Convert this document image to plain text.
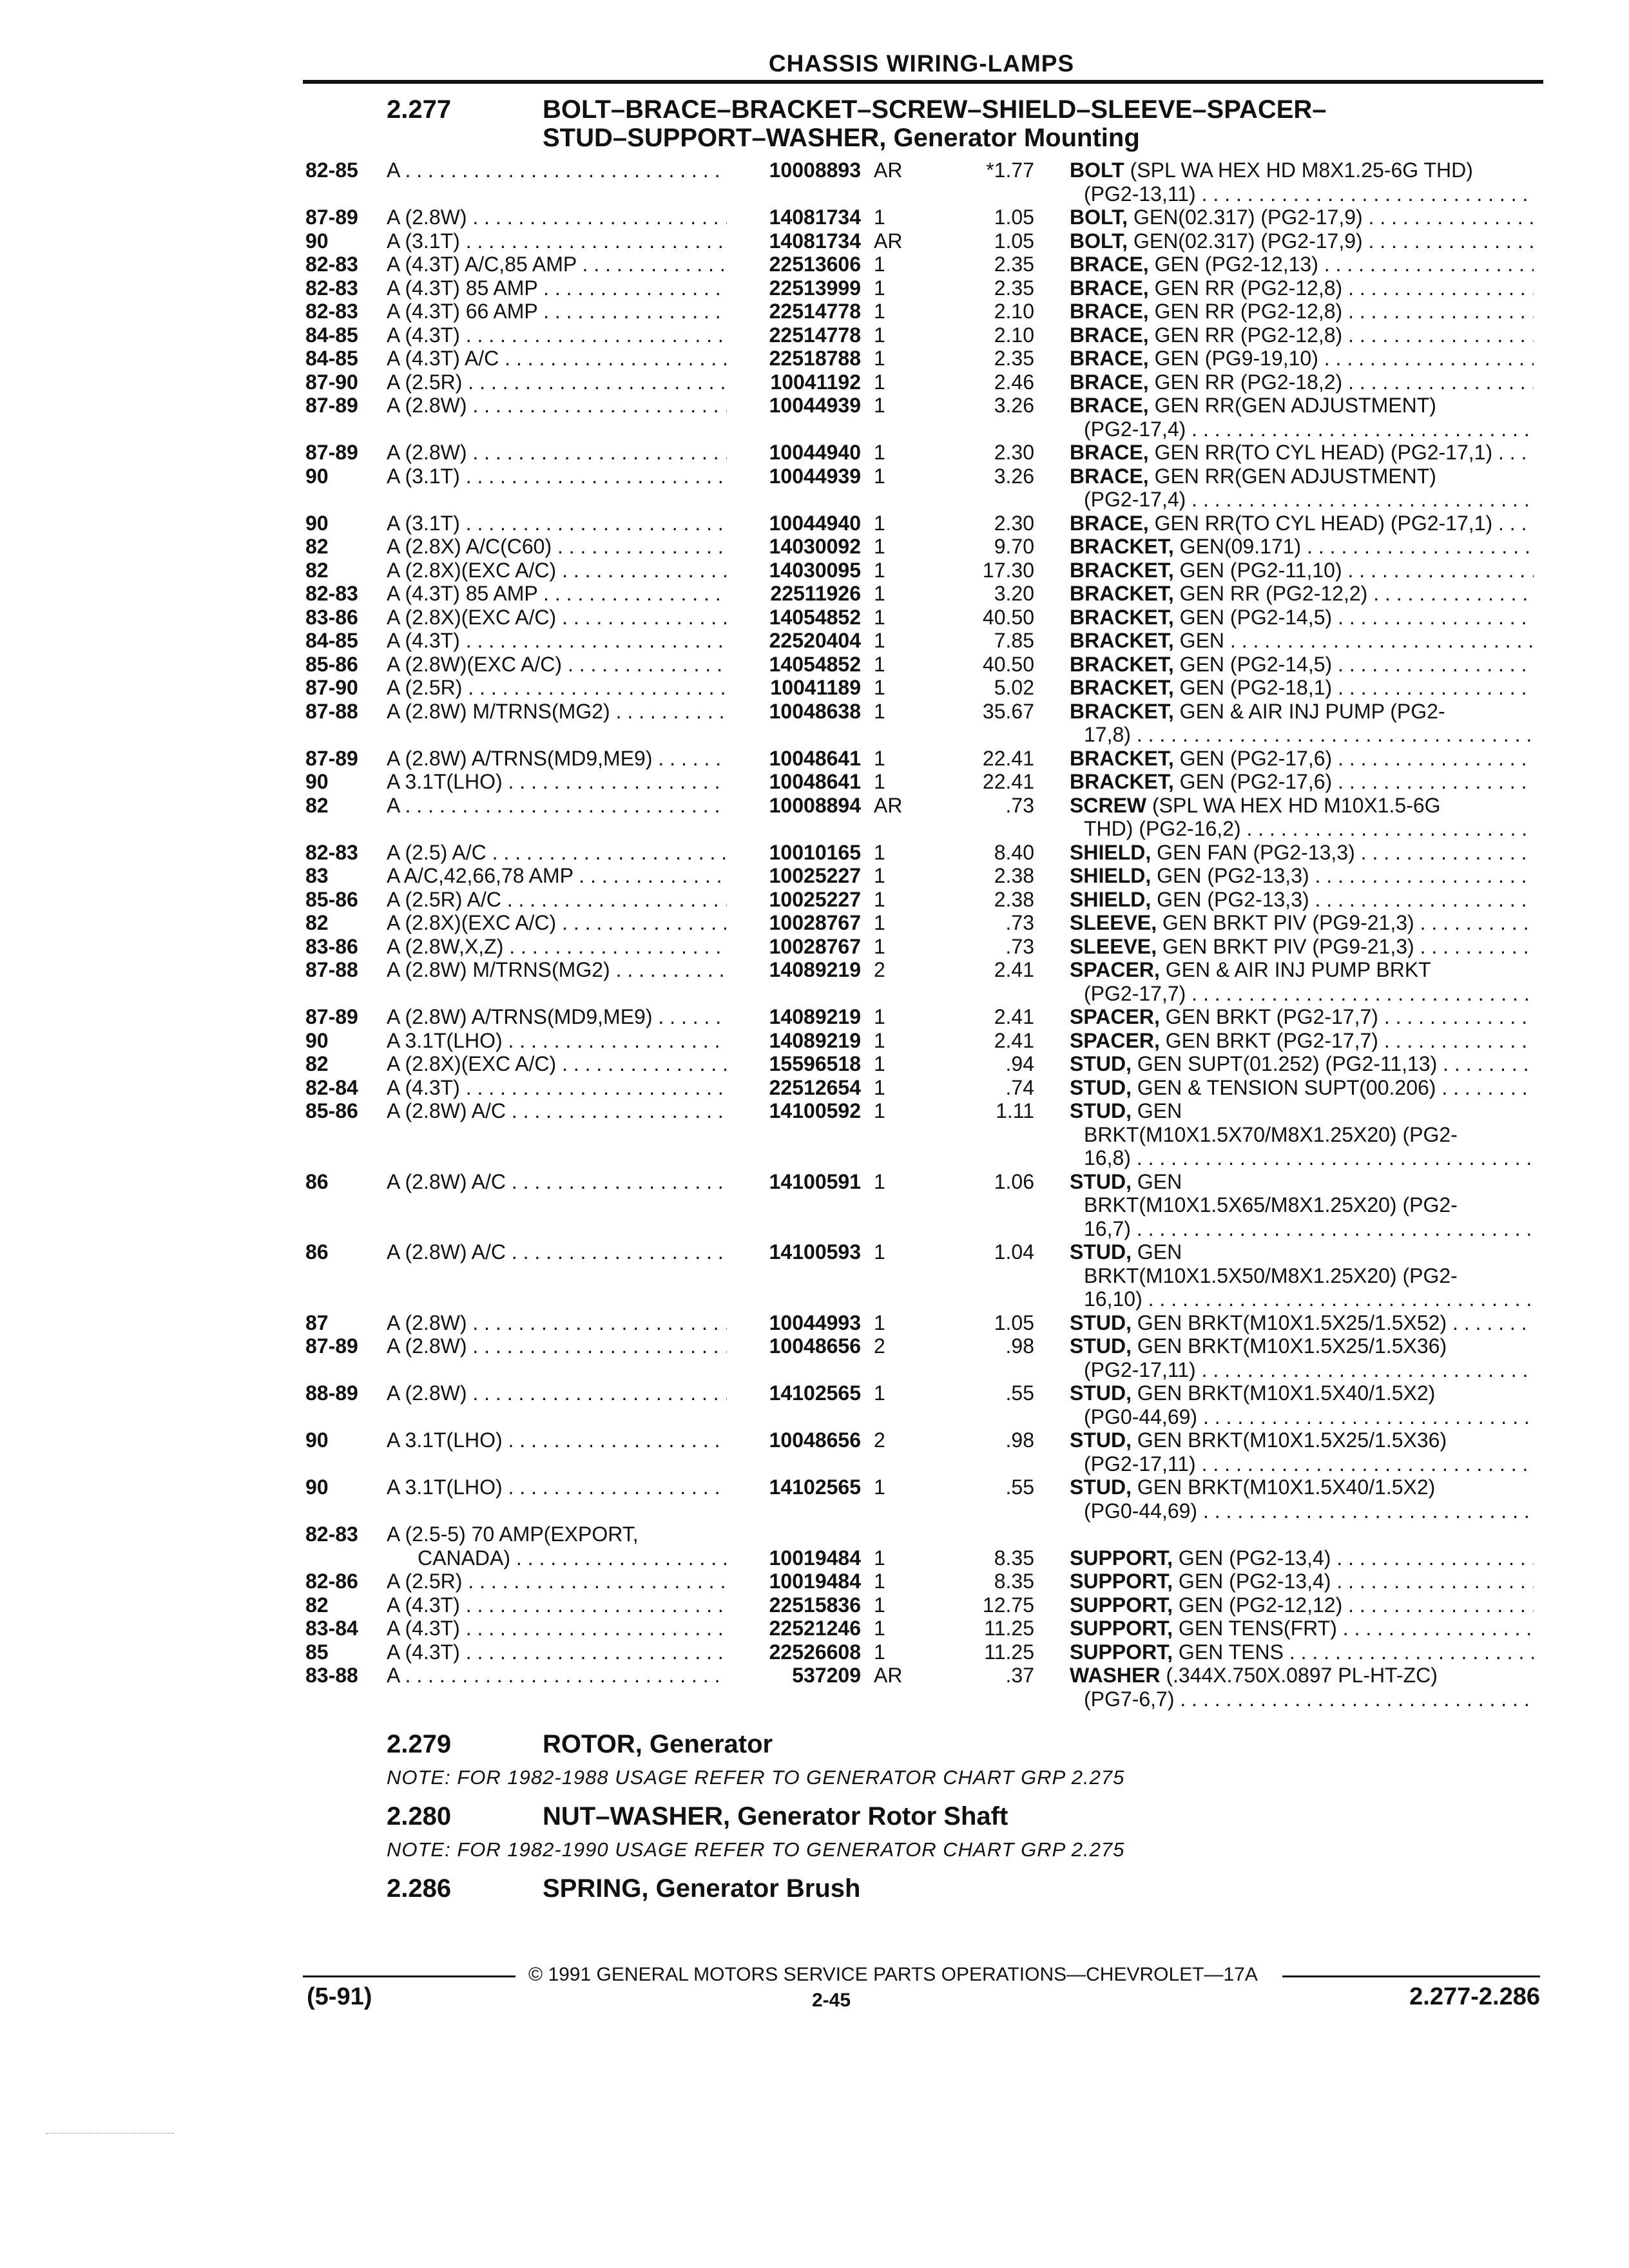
CHASSIS WIRING-LAMPS
2.277	BOLT–BRACE–BRACKET–SCREW–SHIELD–SLEEVE–SPACER–
STUD–SUPPORT–WASHER, Generator Mounting
82-85	A . . .	10008893 AR	*1.77 BOLT (SPL WA HEX HD M8X1.25-6G THD)
(PG2-13,11) . . .
87-89	A (2.8W) . . .	14081734 1	1.05 BOLT, GEN(02.317) (PG2-17,9) . . .
90	A (3.1T) . . .	14081734 AR	1.05 BOLT, GEN(02.317) (PG2-17,9) . . .
82-83	A (4.3T) A/C,85 AMP . . .	22513606 1	2.35 BRACE, GEN (PG2-12,13) . . .
82-83	A (4.3T) 85 AMP . . .	22513999 1	2.35 BRACE, GEN RR (PG2-12,8) . . .
82-83	A (4.3T) 66 AMP . . .	22514778 1	2.10 BRACE, GEN RR (PG2-12,8) . . .
84-85	A (4.3T) . . .	22514778 1	2.10 BRACE, GEN RR (PG2-12,8) . . .
84-85	A (4.3T) A/C . . .	22518788 1	2.35 BRACE, GEN (PG9-19,10) . . .
87-90	A (2.5R) . . .	10041192 1	2.46 BRACE, GEN RR (PG2-18,2) . . .
87-89	A (2.8W) . . .	10044939 1	3.26 BRACE, GEN RR(GEN ADJUSTMENT)
(PG2-17,4) . . .
87-89	A (2.8W) . . .	10044940 1	2.30 BRACE, GEN RR(TO CYL HEAD) (PG2-17,1) . . .
90	A (3.1T) . . .	10044939 1	3.26 BRACE, GEN RR(GEN ADJUSTMENT)
(PG2-17,4) . . .
90	A (3.1T) . . .	10044940 1	2.30 BRACE, GEN RR(TO CYL HEAD) (PG2-17,1) . . .
82	A (2.8X) A/C(C60) . . .	14030092 1	9.70 BRACKET, GEN(09.171) . . .
82	A (2.8X)(EXC A/C) . . .	14030095 1	17.30 BRACKET, GEN (PG2-11,10) . . .
82-83	A (4.3T) 85 AMP . . .	22511926 1	3.20 BRACKET, GEN RR (PG2-12,2) . . .
83-86	A (2.8X)(EXC A/C) . . .	14054852 1	40.50 BRACKET, GEN (PG2-14,5) . . .
84-85	A (4.3T) . . .	22520404 1	7.85 BRACKET, GEN . . .
85-86	A (2.8W)(EXC A/C) . . .	14054852 1	40.50 BRACKET, GEN (PG2-14,5) . . .
87-90	A (2.5R) . . .	10041189 1	5.02 BRACKET, GEN (PG2-18,1) . . .
87-88	A (2.8W) M/TRNS(MG2) . . .	10048638 1	35.67 BRACKET, GEN & AIR INJ PUMP (PG2-
17,8) . . .
87-89	A (2.8W) A/TRNS(MD9,ME9) . . .	10048641 1	22.41 BRACKET, GEN (PG2-17,6) . . .
90	A 3.1T(LHO) . . .	10048641 1	22.41 BRACKET, GEN (PG2-17,6) . . .
82	A . . .	10008894 AR	.73 SCREW (SPL WA HEX HD M10X1.5-6G
THD) (PG2-16,2) . . .
82-83	A (2.5) A/C . . .	10010165 1	8.40 SHIELD, GEN FAN (PG2-13,3) . . .
83	A A/C,42,66,78 AMP . . .	10025227 1	2.38 SHIELD, GEN (PG2-13,3) . . .
85-86	A (2.5R) A/C . . .	10025227 1	2.38 SHIELD, GEN (PG2-13,3) . . .
82	A (2.8X)(EXC A/C) . . .	10028767 1	.73 SLEEVE, GEN BRKT PIV (PG9-21,3) . . .
83-86	A (2.8W,X,Z) . . .	10028767 1	.73 SLEEVE, GEN BRKT PIV (PG9-21,3) . . .
87-88	A (2.8W) M/TRNS(MG2) . . .	14089219 2	2.41 SPACER, GEN & AIR INJ PUMP BRKT
(PG2-17,7) . . .
87-89	A (2.8W) A/TRNS(MD9,ME9) . . .	14089219 1	2.41 SPACER, GEN BRKT (PG2-17,7) . . .
90	A 3.1T(LHO) . . .	14089219 1	2.41 SPACER, GEN BRKT (PG2-17,7) . . .
82	A (2.8X)(EXC A/C) . . .	15596518 1	.94 STUD, GEN SUPT(01.252) (PG2-11,13) . . .
82-84	A (4.3T) . . .	22512654 1	.74 STUD, GEN & TENSION SUPT(00.206) . . .
85-86	A (2.8W) A/C . . .	14100592 1	1.11 STUD, GEN
BRKT(M10X1.5X70/M8X1.25X20) (PG2-
16,8) . . .
86	A (2.8W) A/C . . .	14100591 1	1.06 STUD, GEN
BRKT(M10X1.5X65/M8X1.25X20) (PG2-
16,7) . . .
86	A (2.8W) A/C . . .	14100593 1	1.04 STUD, GEN
BRKT(M10X1.5X50/M8X1.25X20) (PG2-
16,10) . . .
87	A (2.8W) . . .	10044993 1	1.05 STUD, GEN BRKT(M10X1.5X25/1.5X52) . . .
87-89	A (2.8W) . . .	10048656 2	.98 STUD, GEN BRKT(M10X1.5X25/1.5X36)
(PG2-17,11) . . .
88-89	A (2.8W) . . .	14102565 1	.55 STUD, GEN BRKT(M10X1.5X40/1.5X2)
(PG0-44,69) . . .
90	A 3.1T(LHO) . . .	10048656 2	.98 STUD, GEN BRKT(M10X1.5X25/1.5X36)
(PG2-17,11) . . .
90	A 3.1T(LHO) . . .	14102565 1	.55 STUD, GEN BRKT(M10X1.5X40/1.5X2)
(PG0-44,69) . . .
82-83	A (2.5-5) 70 AMP(EXPORT,
CANADA) . . .	10019484 1	8.35 SUPPORT, GEN (PG2-13,4) . . .
82-86	A (2.5R) . . .	10019484 1	8.35 SUPPORT, GEN (PG2-13,4) . . .
82	A (4.3T) . . .	22515836 1	12.75 SUPPORT, GEN (PG2-12,12) . . .
83-84	A (4.3T) . . .	22521246 1	11.25 SUPPORT, GEN TENS(FRT) . . .
85	A (4.3T) . . .	22526608 1	11.25 SUPPORT, GEN TENS . . .
83-88	A . . .	537209 AR	.37 WASHER (.344X.750X.0897 PL-HT-ZC)
(PG7-6,7) . . .
2.279	ROTOR, Generator
NOTE: FOR 1982-1988 USAGE REFER TO GENERATOR CHART GRP 2.275
2.280	NUT–WASHER, Generator Rotor Shaft
NOTE: FOR 1982-1990 USAGE REFER TO GENERATOR CHART GRP 2.275
2.286	SPRING, Generator Brush
© 1991 GENERAL MOTORS SERVICE PARTS OPERATIONS—CHEVROLET—17A
(5-91)	2-45	2.277-2.286
